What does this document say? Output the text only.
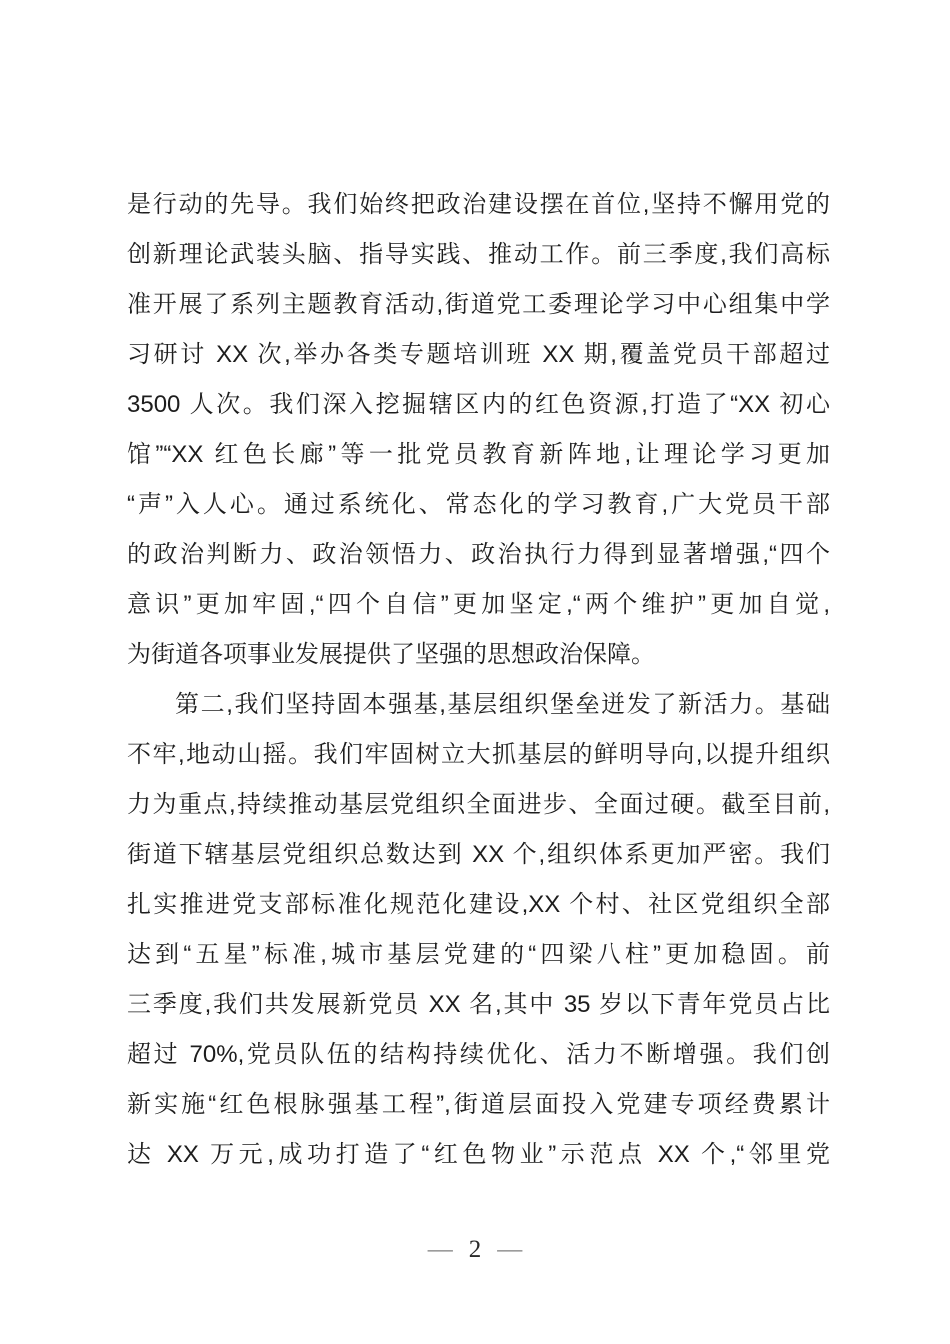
是行动的先导。我们始终把政治建设摆在首位,坚持不懈用党的
创新理论武装头脑、指导实践、推动工作。前三季度,我们高标
准开展了系列主题教育活动,街道党工委理论学习中心组集中学
习研讨 XX 次,举办各类专题培训班 XX 期,覆盖党员干部超过
3500 人次。我们深入挖掘辖区内的红色资源,打造了“XX 初心
馆”“XX 红色长廊”等一批党员教育新阵地,让理论学习更加
“声”入人心。通过系统化、常态化的学习教育,广大党员干部
的政治判断力、政治领悟力、政治执行力得到显著增强,“四个
意识”更加牢固,“四个自信”更加坚定,“两个维护”更加自觉,
为街道各项事业发展提供了坚强的思想政治保障。
第二,我们坚持固本强基,基层组织堡垒迸发了新活力。基础
不牢,地动山摇。我们牢固树立大抓基层的鲜明导向,以提升组织
力为重点,持续推动基层党组织全面进步、全面过硬。截至目前,
街道下辖基层党组织总数达到 XX 个,组织体系更加严密。我们
扎实推进党支部标准化规范化建设,XX 个村、社区党组织全部
达到“五星”标准,城市基层党建的“四梁八柱”更加稳固。前
三季度,我们共发展新党员 XX 名,其中 35 岁以下青年党员占比
超过 70%,党员队伍的结构持续优化、活力不断增强。我们创
新实施“红色根脉强基工程”,街道层面投入党建专项经费累计
达 XX 万元,成功打造了“红色物业”示范点 XX 个,“邻里党
— 2 —
